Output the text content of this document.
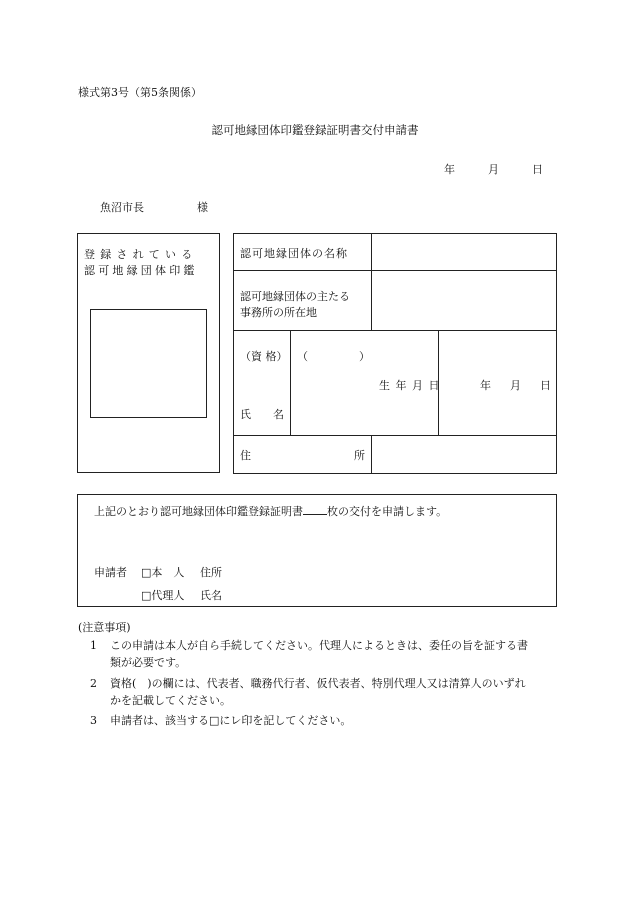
様式第3号（第5条関係）
認可地縁団体印鑑登録証明書交付申請書
年	月	日
魚沼市長	様
登録されている
認可地縁団体印鑑
認可地縁団体の名称
認可地縁団体の主たる
事務所の所在地
（資 格） （	）
氏　　名
生 年 月 日	年 月 日
住	所
上記のとおり認可地縁団体印鑑登録証明書 枚の交付を申請します。
申請者 □本　人 住所
□代理人 氏名
(注意事項)
1 この申請は本人が自ら手続してください。代理人によるときは、委任の旨を証する書
類が必要です。
2 資格(　)の欄には、代表者、職務代行者、仮代表者、特別代理人又は清算人のいずれ
かを記載してください。
3 申請者は、該当する□にレ印を記してください。
